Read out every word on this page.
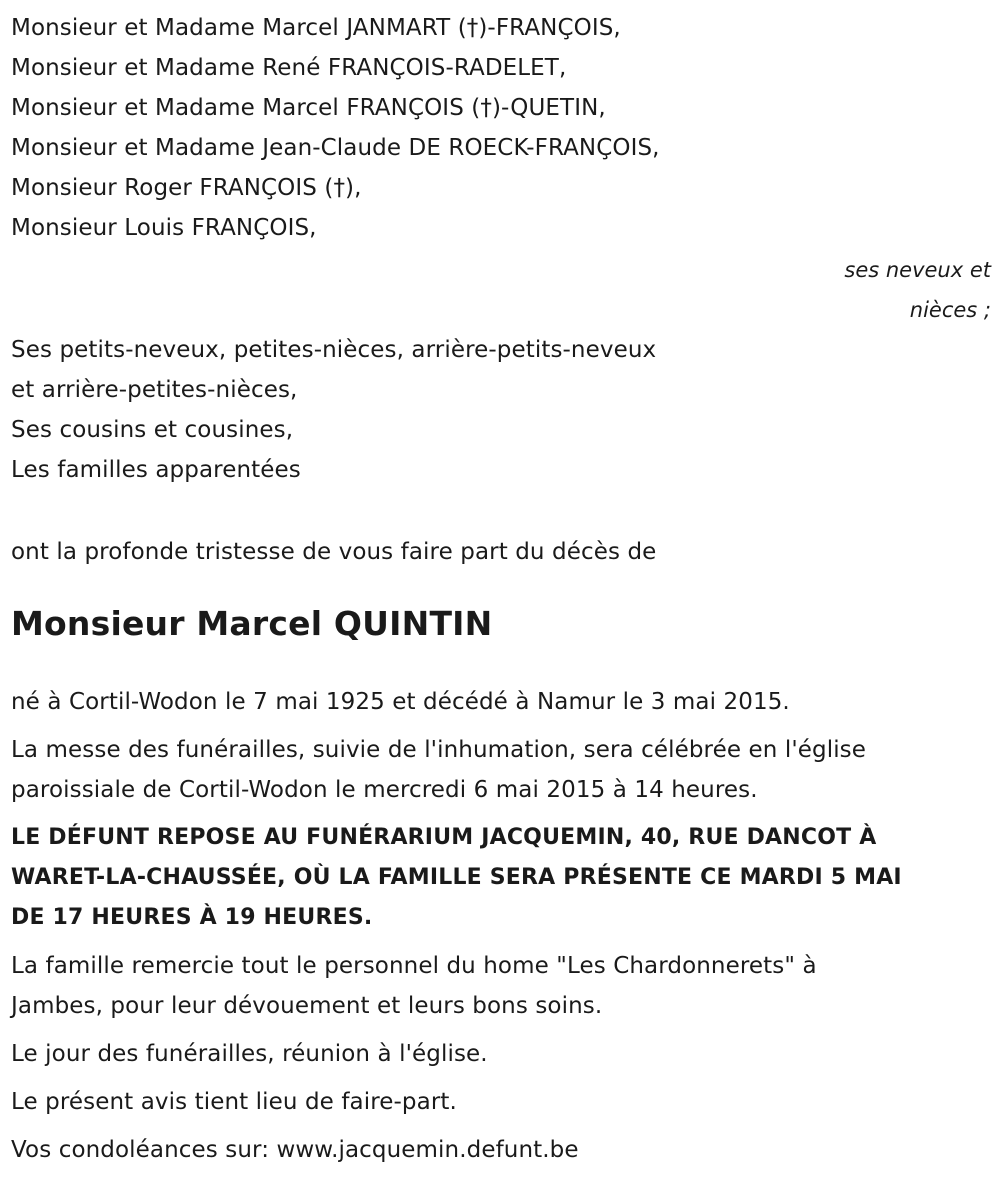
Monsieur et Madame Marcel JANMART (†)-FRANÇOIS,
Monsieur et Madame René FRANÇOIS-RADELET,
Monsieur et Madame Marcel FRANÇOIS (†)-QUETIN,
Monsieur et Madame Jean-Claude DE ROECK-FRANÇOIS,
Monsieur Roger FRANÇOIS (†),
Monsieur Louis FRANÇOIS,
ses neveux et
nièces ;
Ses petits-neveux, petites-nièces, arrière-petits-neveux
et arrière-petites-nièces,
Ses cousins et cousines,
Les familles apparentées
ont la profonde tristesse de vous faire part du décès de
Monsieur Marcel QUINTIN
né à Cortil-Wodon le 7 mai 1925 et décédé à Namur le 3 mai 2015.
La messe des funérailles, suivie de l'inhumation, sera célébrée en l'église
paroissiale de Cortil-Wodon le mercredi 6 mai 2015 à 14 heures.
LE DÉFUNT REPOSE AU FUNÉRARIUM JACQUEMIN, 40, RUE DANCOT À
WARET-LA-CHAUSSÉE, OÙ LA FAMILLE SERA PRÉSENTE CE MARDI 5 MAI
DE 17 HEURES À 19 HEURES.
La famille remercie tout le personnel du home "Les Chardonnerets" à
Jambes, pour leur dévouement et leurs bons soins.
Le jour des funérailles, réunion à l'église.
Le présent avis tient lieu de faire-part.
Vos condoléances sur: www.jacquemin.defunt.be
